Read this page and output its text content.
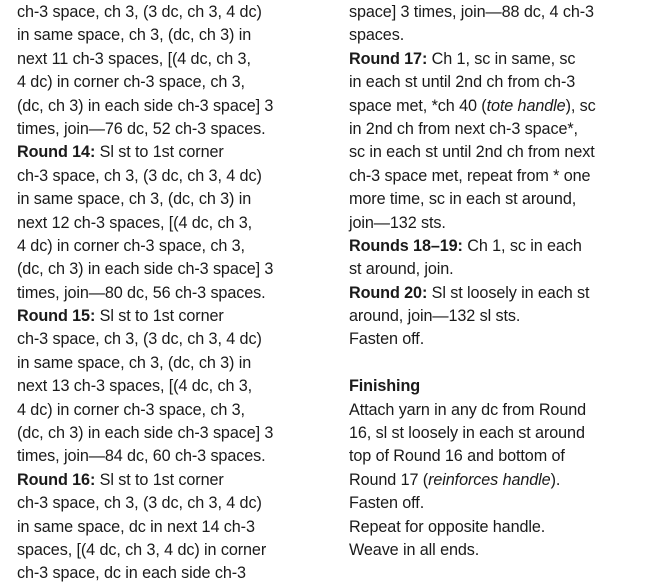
ch-3 space, ch 3, (3 dc, ch 3, 4 dc)
in same space, ch 3, (dc, ch 3) in
next 11 ch-3 spaces, [(4 dc, ch 3,
4 dc) in corner ch-3 space, ch 3,
(dc, ch 3) in each side ch-3 space] 3
times, join—76 dc, 52 ch-3 spaces.
Round 14: Sl st to 1st corner
ch-3 space, ch 3, (3 dc, ch 3, 4 dc)
in same space, ch 3, (dc, ch 3) in
next 12 ch-3 spaces, [(4 dc, ch 3,
4 dc) in corner ch-3 space, ch 3,
(dc, ch 3) in each side ch-3 space] 3
times, join—80 dc, 56 ch-3 spaces.
Round 15: Sl st to 1st corner
ch-3 space, ch 3, (3 dc, ch 3, 4 dc)
in same space, ch 3, (dc, ch 3) in
next 13 ch-3 spaces, [(4 dc, ch 3,
4 dc) in corner ch-3 space, ch 3,
(dc, ch 3) in each side ch-3 space] 3
times, join—84 dc, 60 ch-3 spaces.
Round 16: Sl st to 1st corner
ch-3 space, ch 3, (3 dc, ch 3, 4 dc)
in same space, dc in next 14 ch-3
spaces, [(4 dc, ch 3, 4 dc) in corner
ch-3 space, dc in each side ch-3
space] 3 times, join—88 dc, 4 ch-3
spaces.
Round 17: Ch 1, sc in same, sc
in each st until 2nd ch from ch-3
space met, *ch 40 (tote handle), sc
in 2nd ch from next ch-3 space*,
sc in each st until 2nd ch from next
ch-3 space met, repeat from * one
more time, sc in each st around,
join—132 sts.
Rounds 18–19: Ch 1, sc in each
st around, join.
Round 20: Sl st loosely in each st
around, join—132 sl sts.
Fasten off.
Finishing
Attach yarn in any dc from Round
16, sl st loosely in each st around
top of Round 16 and bottom of
Round 17 (reinforces handle).
Fasten off.
Repeat for opposite handle.
Weave in all ends.
